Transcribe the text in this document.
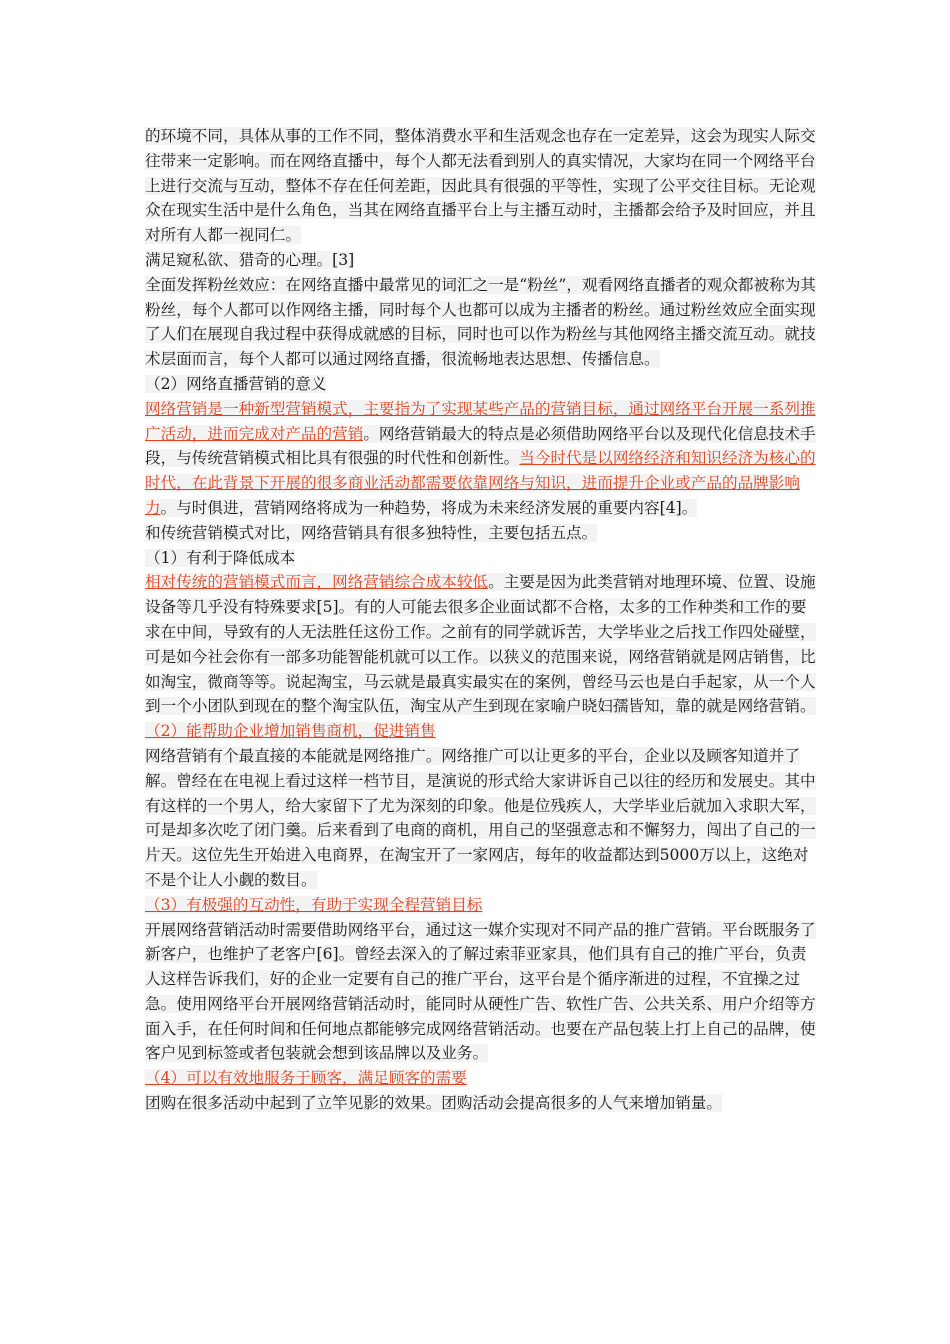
的环境不同，具体从事的工作不同，整体消费水平和生活观念也存在一定差异，这会为现实人际交往带来一定影响。而在网络直播中，每个人都无法看到别人的真实情况，大家均在同一个网络平台上进行交流与互动，整体不存在任何差距，因此具有很强的平等性，实现了公平交往目标。无论观众在现实生活中是什么角色，当其在网络直播平台上与主播互动时，主播都会给予及时回应，并且对所有人都一视同仁。

满足窥私欲、猎奇的心理。[3]

全面发挥粉丝效应：在网络直播中最常见的词汇之一是“粉丝”，观看网络直播者的观众都被称为其粉丝，每个人都可以作网络主播，同时每个人也都可以成为主播者的粉丝。通过粉丝效应全面实现了人们在展现自我过程中获得成就感的目标，同时也可以作为粉丝与其他网络主播交流互动。就技术层面而言，每个人都可以通过网络直播，很流畅地表达思想、传播信息。

（2）网络直播营销的意义

网络营销是一种新型营销模式，主要指为了实现某些产品的营销目标，通过网络平台开展一系列推广活动，进而完成对产品的营销。网络营销最大的特点是必须借助网络平台以及现代化信息技术手段，与传统营销模式相比具有很强的时代性和创新性。当今时代是以网络经济和知识经济为核心的时代，在此背景下开展的很多商业活动都需要依靠网络与知识，进而提升企业或产品的品牌影响力。与时俱进，营销网络将成为一种趋势，将成为未来经济发展的重要内容[4]。

和传统营销模式对比，网络营销具有很多独特性，主要包括五点。

（1）有利于降低成本

相对传统的营销模式而言，网络营销综合成本较低。主要是因为此类营销对地理环境、位置、设施设备等几乎没有特殊要求[5]。有的人可能去很多企业面试都不合格，太多的工作种类和工作的要求在中间，导致有的人无法胜任这份工作。之前有的同学就诉苦，大学毕业之后找工作四处碰壁，可是如今社会你有一部多功能智能机就可以工作。以狭义的范围来说，网络营销就是网店销售，比如淘宝，微商等等。说起淘宝，马云就是最真实最实在的案例，曾经马云也是白手起家，从一个人到一个小团队到现在的整个淘宝队伍，淘宝从产生到现在家喻户晓妇孺皆知，靠的就是网络营销。

（2）能帮助企业增加销售商机，促进销售

网络营销有个最直接的本能就是网络推广。网络推广可以让更多的平台，企业以及顾客知道并了解。曾经在在电视上看过这样一档节目，是演说的形式给大家讲诉自己以往的经历和发展史。其中有这样的一个男人，给大家留下了尤为深刻的印象。他是位残疾人，大学毕业后就加入求职大军，可是却多次吃了闭门羹。后来看到了电商的商机，用自己的坚强意志和不懈努力，闯出了自己的一片天。这位先生开始进入电商界，在淘宝开了一家网店，每年的收益都达到5000万以上，这绝对不是个让人小觑的数目。

（3）有极强的互动性，有助于实现全程营销目标

开展网络营销活动时需要借助网络平台，通过这一媒介实现对不同产品的推广营销。平台既服务了新客户，也维护了老客户[6]。曾经去深入的了解过索菲亚家具，他们具有自己的推广平台，负责人这样告诉我们，好的企业一定要有自己的推广平台，这平台是个循序渐进的过程，不宜操之过急。使用网络平台开展网络营销活动时，能同时从硬性广告、软性广告、公共关系、用户介绍等方面入手，在任何时间和任何地点都能够完成网络营销活动。也要在产品包装上打上自己的品牌，使客户见到标签或者包装就会想到该品牌以及业务。

（4）可以有效地服务于顾客，满足顾客的需要

团购在很多活动中起到了立竿见影的效果。团购活动会提高很多的人气来增加销量。
